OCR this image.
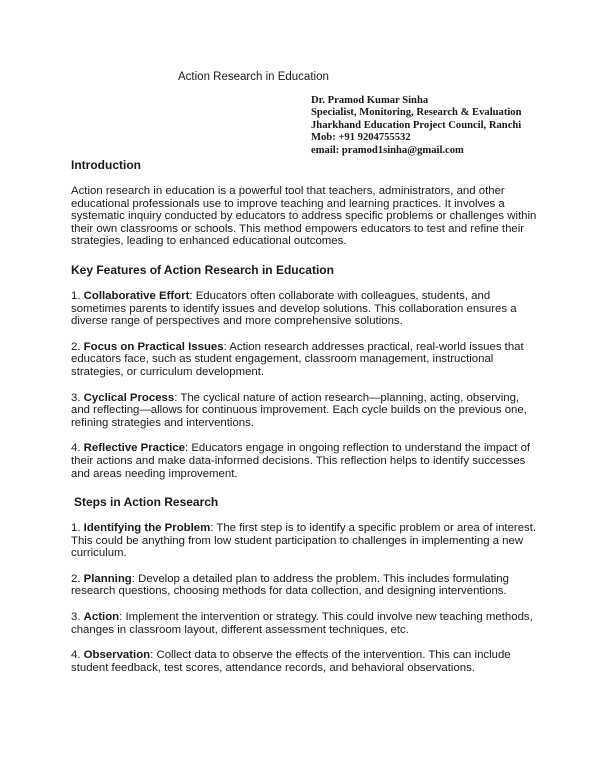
Action Research in Education
Dr. Pramod Kumar Sinha
Specialist, Monitoring, Research & Evaluation
Jharkhand Education Project Council, Ranchi
Mob: +91 9204755532
email: pramod1sinha@gmail.com
Introduction

Action research in education is a powerful tool that teachers, administrators, and other educational professionals use to improve teaching and learning practices. It involves a systematic inquiry conducted by educators to address specific problems or challenges within their own classrooms or schools. This method empowers educators to test and refine their strategies, leading to enhanced educational outcomes.

Key Features of Action Research in Education

1. Collaborative Effort: Educators often collaborate with colleagues, students, and sometimes parents to identify issues and develop solutions. This collaboration ensures a diverse range of perspectives and more comprehensive solutions.

2. Focus on Practical Issues: Action research addresses practical, real-world issues that educators face, such as student engagement, classroom management, instructional strategies, or curriculum development.

3. Cyclical Process: The cyclical nature of action research—planning, acting, observing, and reflecting—allows for continuous improvement. Each cycle builds on the previous one, refining strategies and interventions.

4. Reflective Practice: Educators engage in ongoing reflection to understand the impact of their actions and make data-informed decisions. This reflection helps to identify successes and areas needing improvement.

Steps in Action Research

1. Identifying the Problem: The first step is to identify a specific problem or area of interest. This could be anything from low student participation to challenges in implementing a new curriculum.

2. Planning: Develop a detailed plan to address the problem. This includes formulating research questions, choosing methods for data collection, and designing interventions.

3. Action: Implement the intervention or strategy. This could involve new teaching methods, changes in classroom layout, different assessment techniques, etc.

4. Observation: Collect data to observe the effects of the intervention. This can include student feedback, test scores, attendance records, and behavioral observations.
